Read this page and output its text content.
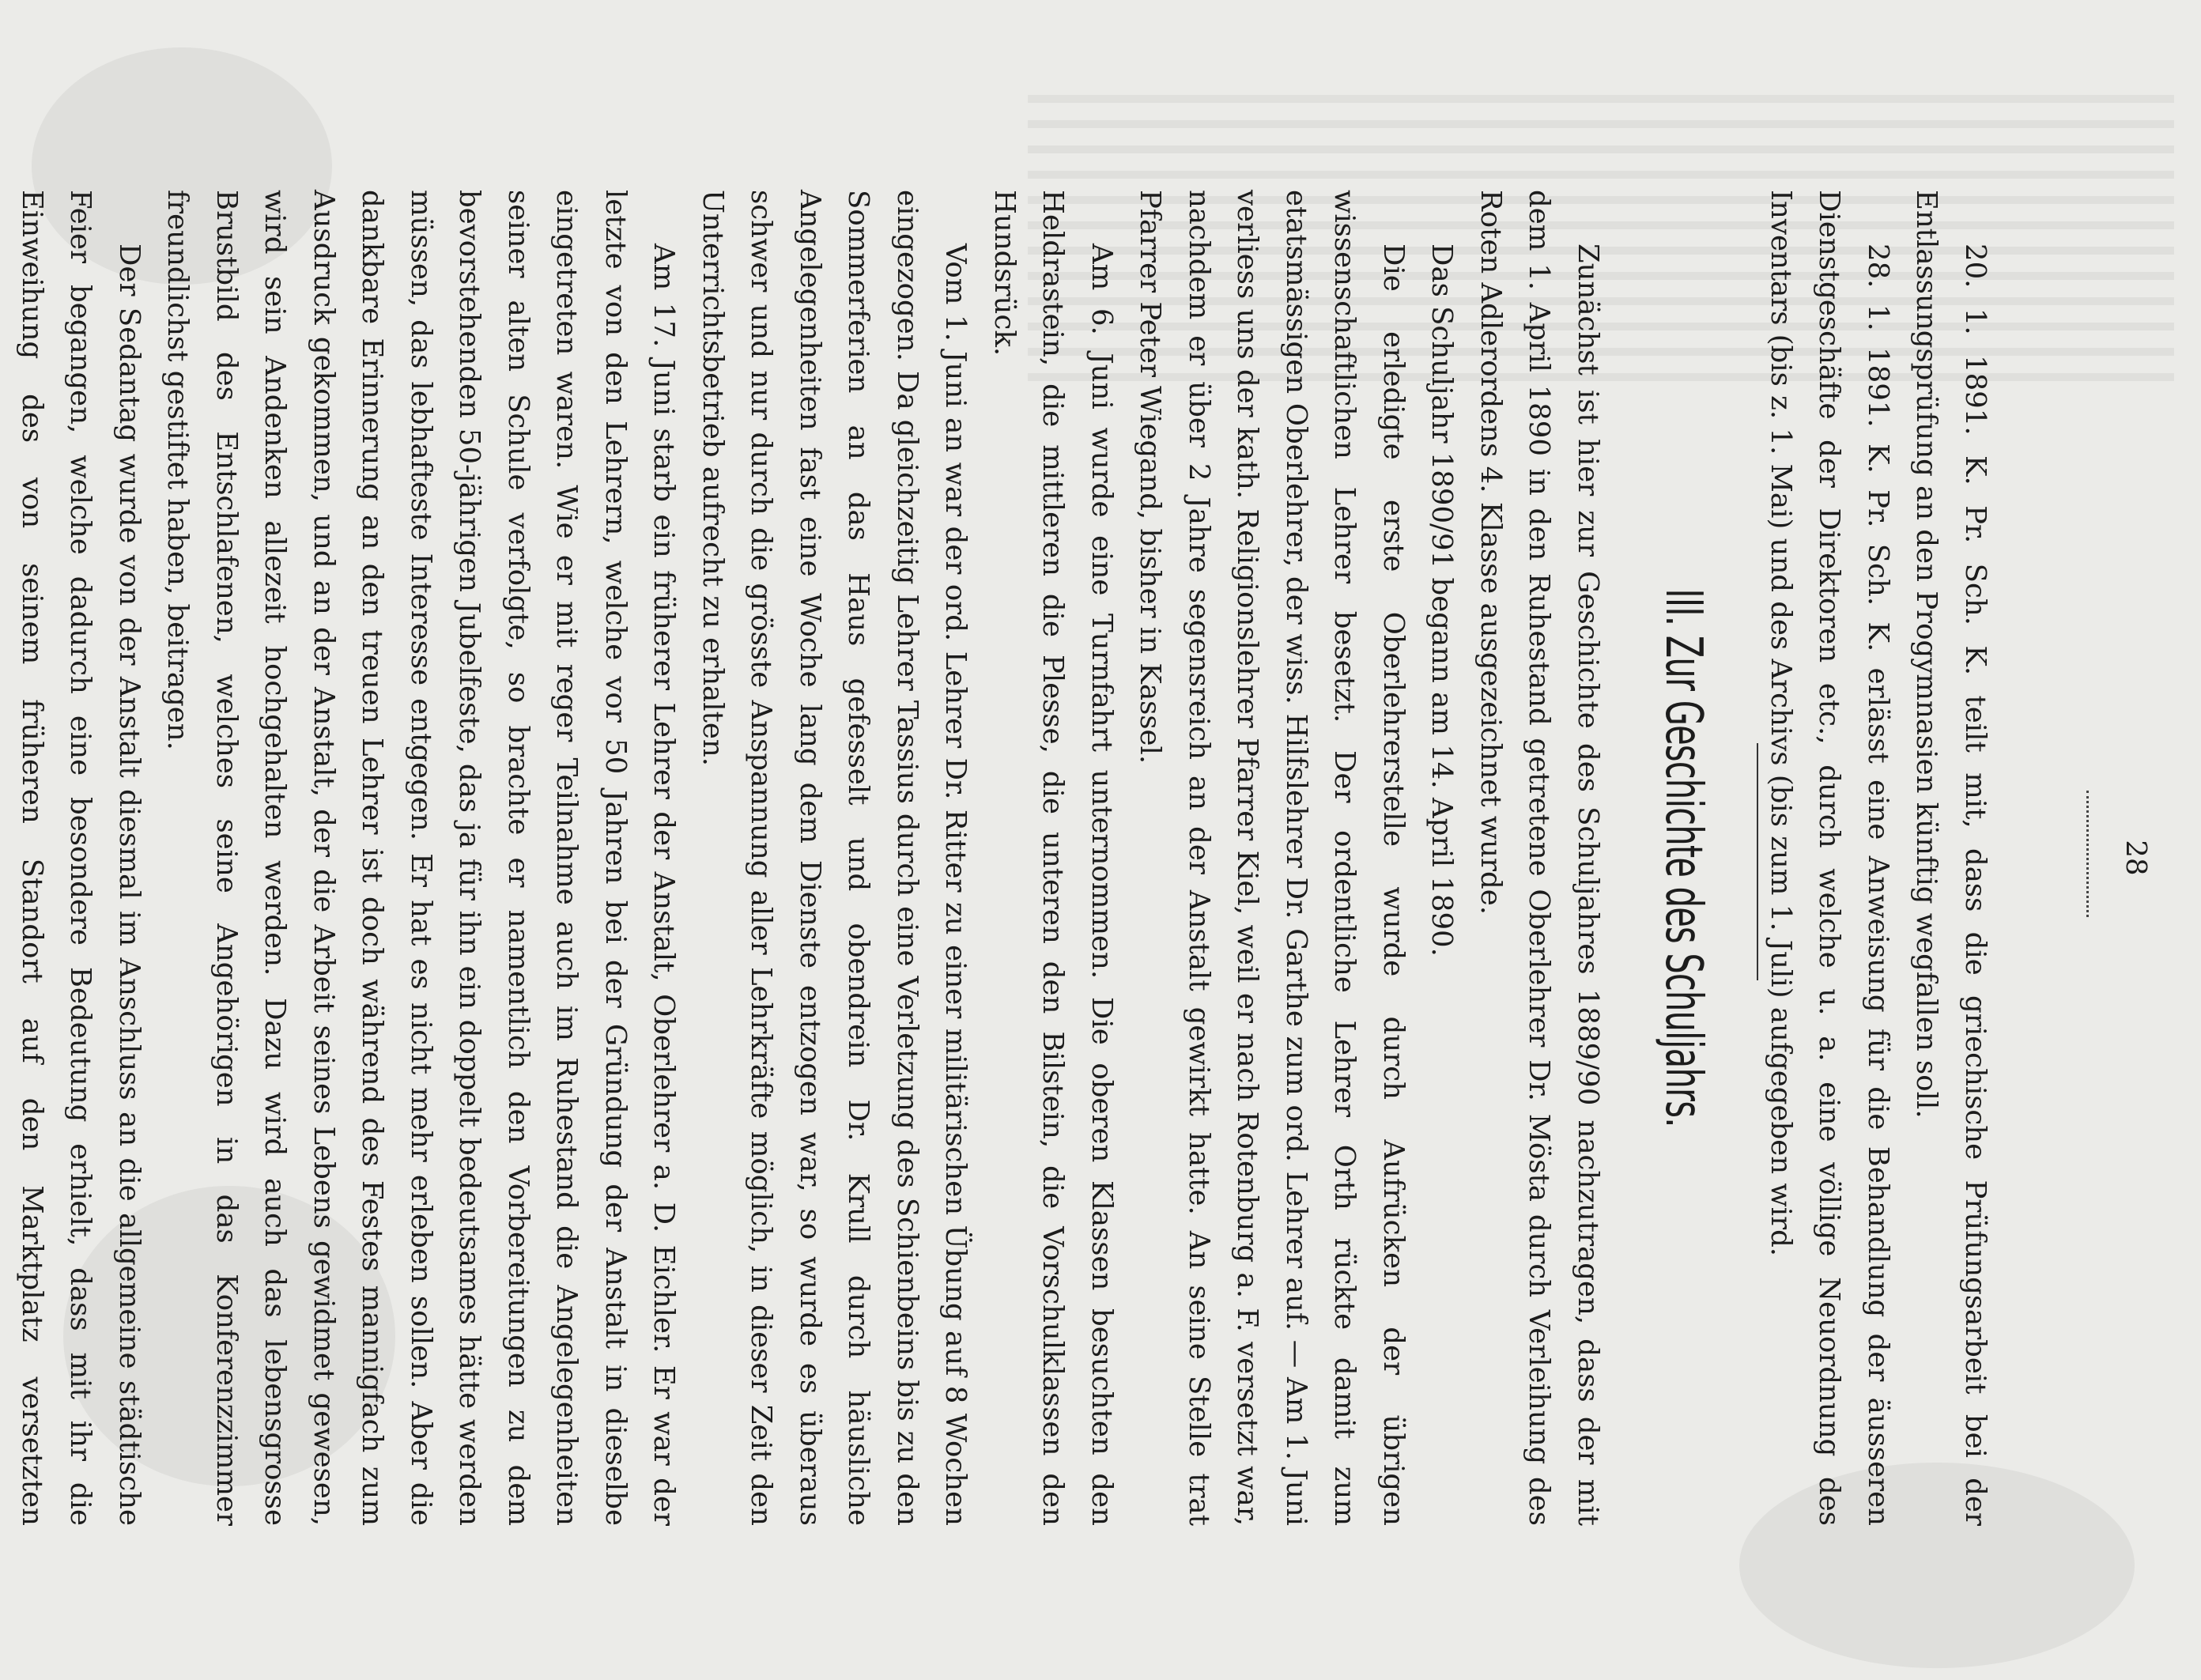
28

20. 1. 1891. K. Pr. Sch. K. teilt mit, dass die griechische Prüfungsarbeit bei der Entlassungsprüfung an den Progymnasien künftig wegfallen soll.

28. 1. 1891. K. Pr. Sch. K. erlässt eine Anweisung für die Behandlung der äusseren Dienstgeschäfte der Direktoren etc., durch welche u. a. eine völlige Neuordnung des Inventars (bis z. 1. Mai) und des Archivs (bis zum 1. Juli) aufgegeben wird.

III. Zur Geschichte des Schuljahrs.

Zunächst ist hier zur Geschichte des Schuljahres 1889/90 nachzutragen, dass der mit dem 1. April 1890 in den Ruhestand getretene Oberlehrer Dr. Mösta durch Verleihung des Roten Adlerordens 4. Klasse ausgezeichnet wurde.

Das Schuljahr 1890/91 begann am 14. April 1890.

Die erledigte erste Oberlehrerstelle wurde durch Aufrücken der übrigen wissenschaftlichen Lehrer besetzt. Der ordentliche Lehrer Orth rückte damit zum etatsmässigen Oberlehrer, der wiss. Hilfslehrer Dr. Garthe zum ord. Lehrer auf. — Am 1. Juni verliess uns der kath. Religionslehrer Pfarrer Kiel, weil er nach Rotenburg a. F. versetzt war, nachdem er über 2 Jahre segensreich an der Anstalt gewirkt hatte. An seine Stelle trat Pfarrer Peter Wiegand, bisher in Kassel.

Am 6. Juni wurde eine Turnfahrt unternommen. Die oberen Klassen besuchten den Heldrastein, die mittleren die Plesse, die unteren den Bilstein, die Vorschulklassen den Hundsrück.

Vom 1. Juni an war der ord. Lehrer Dr. Ritter zu einer militärischen Übung auf 8 Wochen eingezogen. Da gleichzeitig Lehrer Tassius durch eine Verletzung des Schienbeins bis zu den Sommerferien an das Haus gefesselt und obendrein Dr. Krull durch häusliche Angelegenheiten fast eine Woche lang dem Dienste entzogen war, so wurde es überaus schwer und nur durch die grösste Anspannung aller Lehrkräfte möglich, in dieser Zeit den Unterrichtsbetrieb aufrecht zu erhalten.

Am 17. Juni starb ein früherer Lehrer der Anstalt, Oberlehrer a. D. Eichler. Er war der letzte von den Lehrern, welche vor 50 Jahren bei der Gründung der Anstalt in dieselbe eingetreten waren. Wie er mit reger Teilnahme auch im Ruhestand die Angelegenheiten seiner alten Schule verfolgte, so brachte er namentlich den Vorbereitungen zu dem bevorstehenden 50-jährigen Jubelfeste, das ja für ihn ein doppelt bedeutsames hätte werden müssen, das lebhafteste Interesse entgegen. Er hat es nicht mehr erleben sollen. Aber die dankbare Erinnerung an den treuen Lehrer ist doch während des Festes mannigfach zum Ausdruck gekommen, und an der Anstalt, der die Arbeit seines Lebens gewidmet gewesen, wird sein Andenken allezeit hochgehalten werden. Dazu wird auch das lebensgrosse Brustbild des Entschlafenen, welches seine Angehörigen in das Konferenzzimmer freundlichst gestiftet haben, beitragen.

Der Sedantag wurde von der Anstalt diesmal im Anschluss an die allgemeine städtische Feier begangen, welche dadurch eine besondere Bedeutung erhielt, dass mit ihr die Einweihung des von seinem früheren Standort auf den Marktplatz versetzten
